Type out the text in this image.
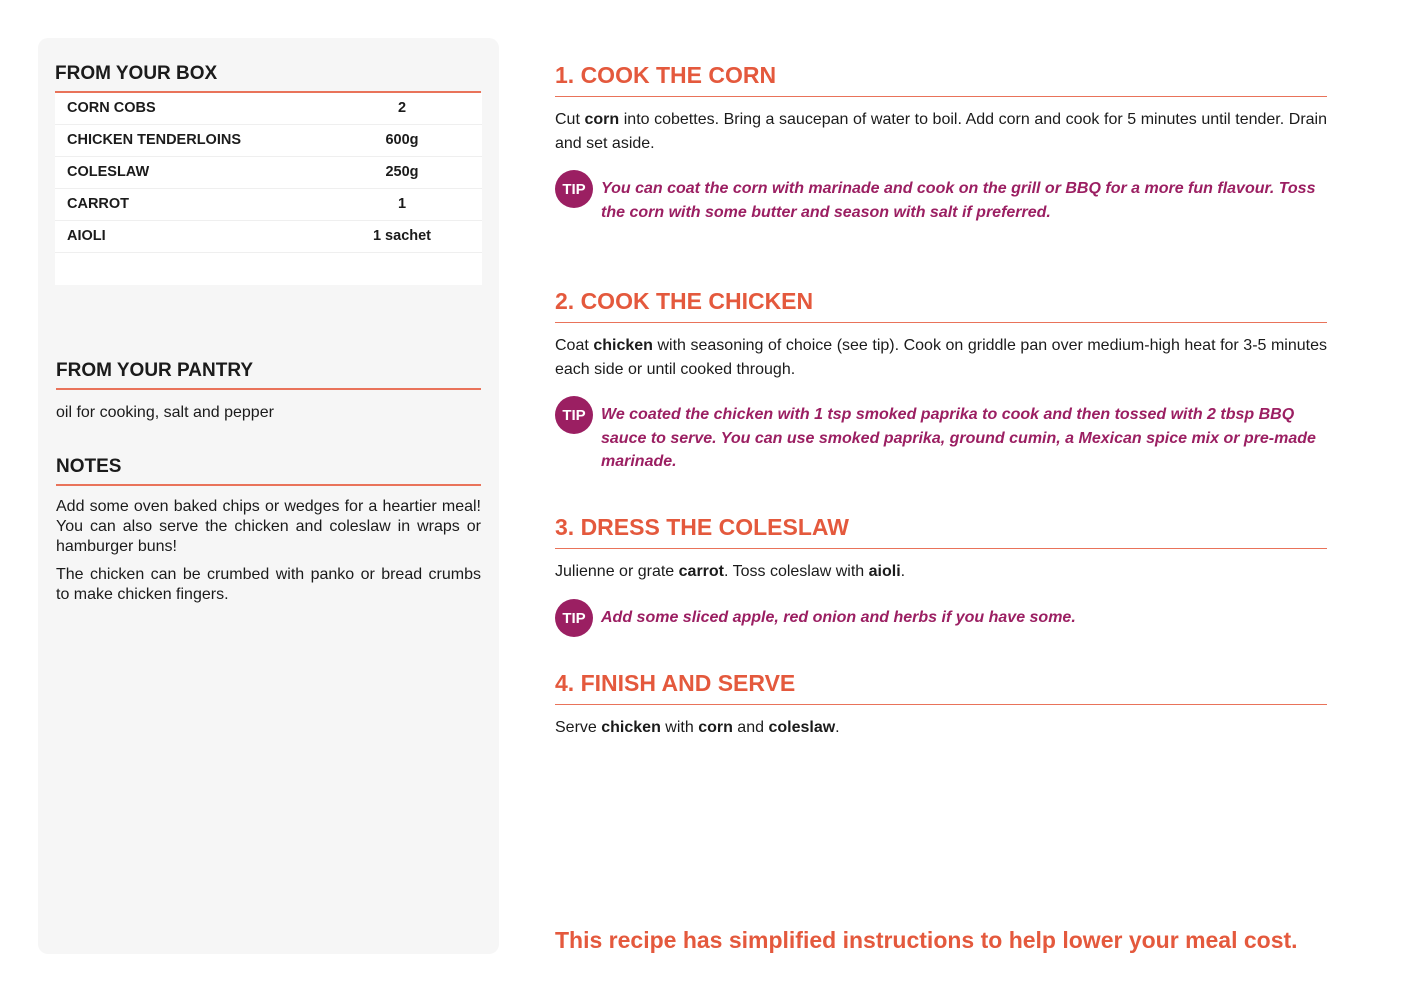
FROM YOUR BOX
CORN COBS	2
CHICKEN TENDERLOINS	600g
COLESLAW	250g
CARROT	1
AIOLI	1 sachet
FROM YOUR PANTRY
oil for cooking, salt and pepper
NOTES

Add some oven baked chips or wedges for a heartier meal! You can also serve the chicken and coleslaw in wraps or hamburger buns!

The chicken can be crumbed with panko or bread crumbs to make chicken fingers.

1. COOK THE CORN

Cut corn into cobettes. Bring a saucepan of water to boil. Add corn and cook for 5 minutes until tender. Drain and set aside.

TIP You can coat the corn with marinade and cook on the grill or BBQ for a more fun flavour. Toss the corn with some butter and season with salt if preferred.

2. COOK THE CHICKEN

Coat chicken with seasoning of choice (see tip). Cook on griddle pan over medium-high heat for 3-5 minutes each side or until cooked through.

TIP We coated the chicken with 1 tsp smoked paprika to cook and then tossed with 2 tbsp BBQ sauce to serve. You can use smoked paprika, ground cumin, a Mexican spice mix or pre-made marinade.

3. DRESS THE COLESLAW

Julienne or grate carrot. Toss coleslaw with aioli.

TIP Add some sliced apple, red onion and herbs if you have some.

4. FINISH AND SERVE

Serve chicken with corn and coleslaw.

This recipe has simplified instructions to help lower your meal cost.
